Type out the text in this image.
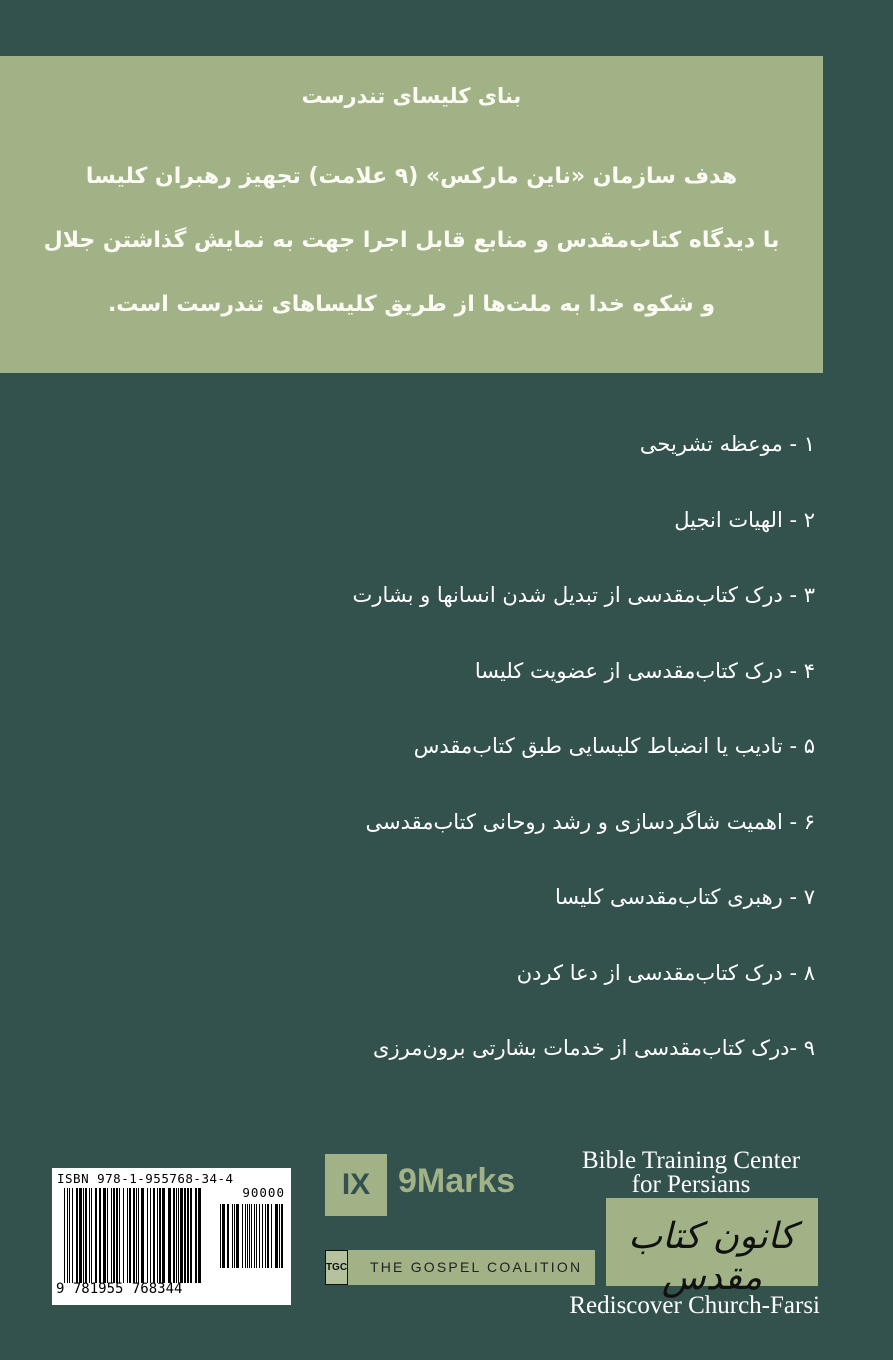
بنای کلیسای تندرست
هدف سازمان «ناین مارکس» (۹ علامت) تجهیز رهبران کلیسا
با دیدگاه کتاب‌مقدس و منابع قابل اجرا جهت به نمایش گذاشتن جلال
و شکوه خدا به ملت‌ها از طریق کلیساهای تندرست است.
۱ - موعظه تشریحی
۲ - الهیات انجیل
۳ - درک کتاب‌مقدسی از تبدیل شدن انسانها و بشارت
۴ - درک کتاب‌مقدسی از عضویت کلیسا
۵ - تادیب یا انضباط کلیسایی طبق کتاب‌مقدس
۶ - اهمیت شاگردسازی و رشد روحانی کتاب‌مقدسی
۷ - رهبری کتاب‌مقدسی کلیسا
۸ - درک کتاب‌مقدسی از دعا کردن
۹ -درک کتاب‌مقدسی از خدمات بشارتی برون‌مرزی
ISBN 978-1-955768-34-4
90000
9 781955 768344
IX 9Marks
TGC THE GOSPEL COALITION
Bible Training Center
for Persians
کانون کتاب مقدس
Rediscover Church-Farsi
